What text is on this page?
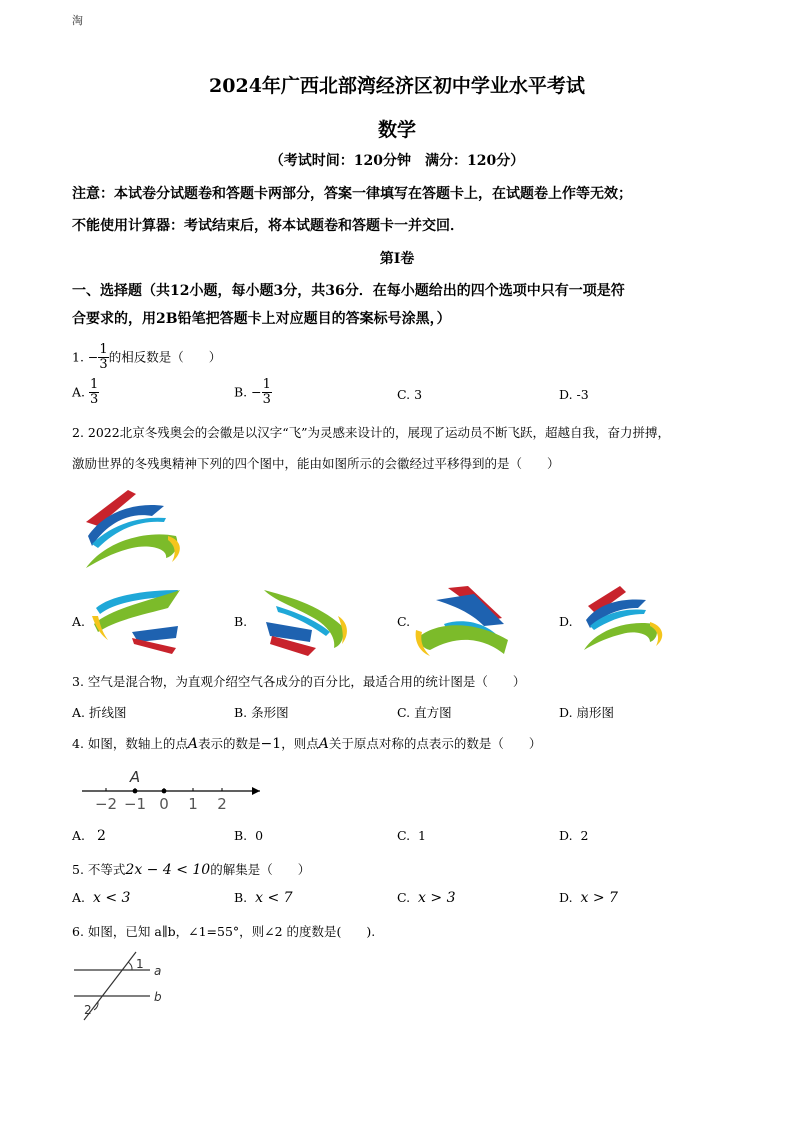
淘
2024年广西北部湾经济区初中学业水平考试
数学
（考试时间：120分钟　满分：120分）
注意：本试卷分试题卷和答题卡两部分，答案一律填写在答题卡上，在试题卷上作等无效；
不能使用计算器：考试结束后，将本试题卷和答题卡一并交回．
第Ⅰ卷
一、选择题（共12小题，每小题3分，共36分．在每小题给出的四个选项中只有一项是符
合要求的，用2B铅笔把答题卡上对应题目的答案标号涂黑，）
1. − $\frac{1}{3}$ 的相反数是（　　）
A. $\frac{1}{3}$	B. − $\frac{1}{3}$	C. 3	D. -3
2. 2022北京冬残奥会的会徽是以汉字“飞”为灵感来设计的，展现了运动员不断飞跃，超越自我，奋力拼搏，
激励世界的冬残奥精神下列的四个图中，能由如图所示的会徽经过平移得到的是（　　）
A.	B.	C.	D.
3. 空气是混合物，为直观介绍空气各成分的百分比，最适合用的统计图是（　　）
A. 折线图	B. 条形图	C. 直方图	D. 扇形图
4. 如图，数轴上的点A表示的数是−1，则点A关于原点对称的点表示的数是（　　）
A
−2 −1 0 1 2
A. 2	B. 0	C. 1	D. 2
5. 不等式2x − 4 < 10的解集是（　　）
A. x < 3	B. x < 7	C. x > 3	D. x > 7
6. 如图，已知 a∥b，∠1=55°，则∠2 的度数是(　　).
1
2
a
b
